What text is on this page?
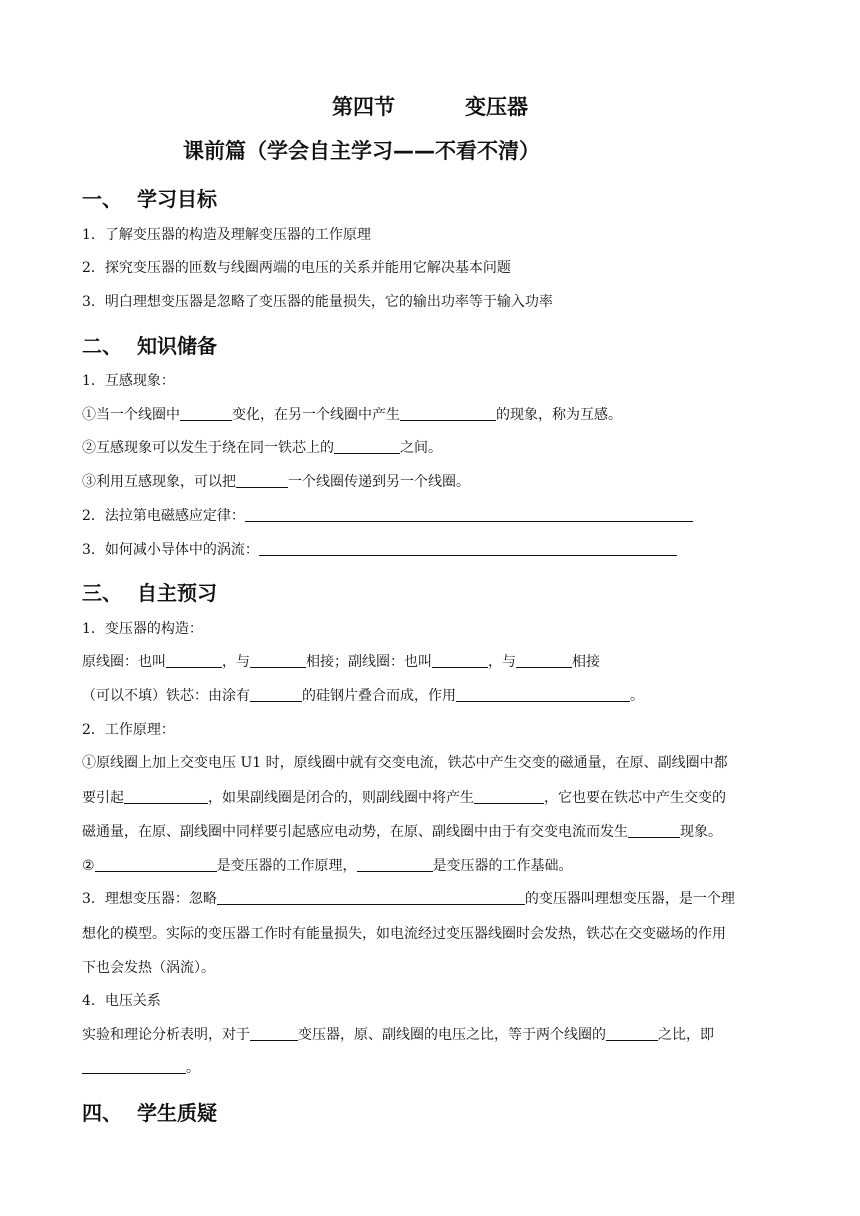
第四节	变压器
课前篇（学会自主学习——不看不清）
一、 学习目标
1．了解变压器的构造及理解变压器的工作原理
2．探究变压器的匝数与线圈两端的电压的关系并能用它解决基本问题
3．明白理想变压器是忽略了变压器的能量损失，它的输出功率等于输入功率
二、 知识储备
1．互感现象：
①当一个线圈中	变化，在另一个线圈中产生	的现象，称为互感。
②互感现象可以发生于绕在同一铁芯上的	之间。
③利用互感现象，可以把	一个线圈传递到另一个线圈。
2．法拉第电磁感应定律：
3．如何减小导体中的涡流：
三、 自主预习
1．变压器的构造：
原线圈：也叫	，与	相接；副线圈：也叫	，与	相接
（可以不填）铁芯：由涂有	的硅钢片叠合而成，作用	。
2．工作原理：
①原线圈上加上交变电压 U1 时，原线圈中就有交变电流，铁芯中产生交变的磁通量，在原、副线圈中都
要引起	，如果副线圈是闭合的，则副线圈中将产生	，它也要在铁芯中产生交变的
磁通量，在原、副线圈中同样要引起感应电动势，在原、副线圈中由于有交变电流而发生	现象。
②	是变压器的工作原理，	是变压器的工作基础。
3．理想变压器：忽略	的变压器叫理想变压器，是一个理
想化的模型。实际的变压器工作时有能量损失，如电流经过变压器线圈时会发热，铁芯在交变磁场的作用
下也会发热（涡流）。
4．电压关系
实验和理论分析表明，对于	变压器，原、副线圈的电压之比，等于两个线圈的	之比，即
。
四、 学生质疑
